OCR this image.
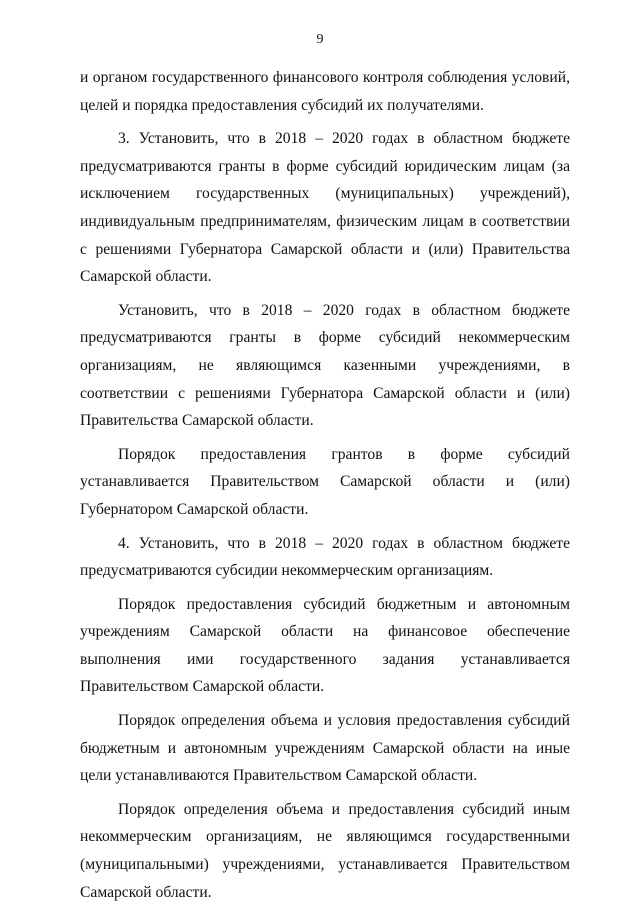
9

и органом государственного финансового контроля соблюдения условий, целей и порядка предоставления субсидий их получателями.

3. Установить, что в 2018 – 2020 годах в областном бюджете предусматриваются гранты в форме субсидий юридическим лицам (за исключением государственных (муниципальных) учреждений), индивидуальным предпринимателям, физическим лицам в соответствии с решениями Губернатора Самарской области и (или) Правительства Самарской области.

Установить, что в 2018 – 2020 годах в областном бюджете предусматриваются гранты в форме субсидий некоммерческим организациям, не являющимся казенными учреждениями, в соответствии с решениями Губернатора Самарской области и (или) Правительства Самарской области.

Порядок предоставления грантов в форме субсидий устанавливается Правительством Самарской области и (или) Губернатором Самарской области.

4. Установить, что в 2018 – 2020 годах в областном бюджете предусматриваются субсидии некоммерческим организациям.

Порядок предоставления субсидий бюджетным и автономным учреждениям Самарской области на финансовое обеспечение выполнения ими государственного задания устанавливается Правительством Самарской области.

Порядок определения объема и условия предоставления субсидий бюджетным и автономным учреждениям Самарской области на иные цели устанавливаются Правительством Самарской области.

Порядок определения объема и предоставления субсидий иным некоммерческим организациям, не являющимся государственными (муниципальными) учреждениями, устанавливается Правительством Самарской области.
